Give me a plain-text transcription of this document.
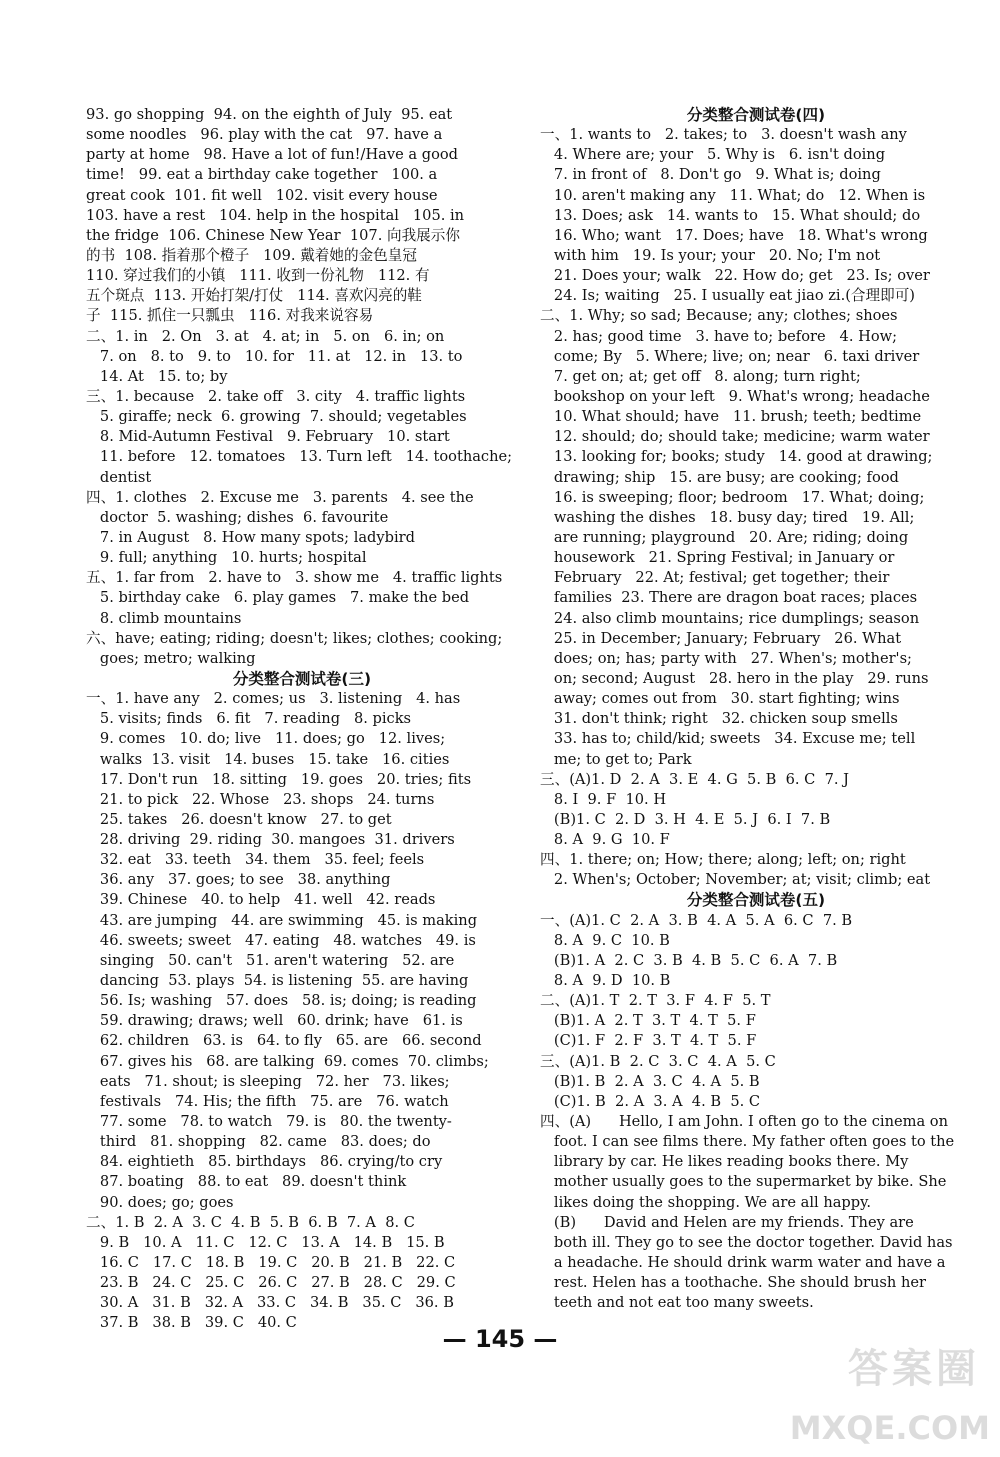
93. go shopping  94. on the eighth of July  95. eat
some noodles   96. play with the cat   97. have a
party at home   98. Have a lot of fun!/Have a good
time!   99. eat a birthday cake together   100. a
great cook  101. fit well   102. visit every house
103. have a rest   104. help in the hospital   105. in
the fridge  106. Chinese New Year  107. 向我展示你
的书  108. 指着那个橙子   109. 戴着她的金色皇冠
110. 穿过我们的小镇   111. 收到一份礼物   112. 有
五个斑点  113. 开始打架/打仗   114. 喜欢闪亮的鞋
子  115. 抓住一只瓢虫   116. 对我来说容易
二、1. in   2. On   3. at   4. at; in   5. on   6. in; on
7. on   8. to   9. to   10. for   11. at   12. in   13. to
14. At   15. to; by
三、1. because   2. take off   3. city   4. traffic lights
5. giraffe; neck  6. growing  7. should; vegetables
8. Mid-Autumn Festival   9. February   10. start
11. before   12. tomatoes   13. Turn left   14. toothache;
dentist
四、1. clothes   2. Excuse me   3. parents   4. see the
doctor  5. washing; dishes  6. favourite
7. in August   8. How many spots; ladybird
9. full; anything   10. hurts; hospital
五、1. far from   2. have to   3. show me   4. traffic lights
5. birthday cake   6. play games   7. make the bed
8. climb mountains
六、have; eating; riding; doesn't; likes; clothes; cooking;
goes; metro; walking
分类整合测试卷(三)
一、1. have any   2. comes; us   3. listening   4. has
5. visits; finds   6. fit   7. reading   8. picks
9. comes   10. do; live   11. does; go   12. lives;
walks  13. visit   14. buses   15. take   16. cities
17. Don't run   18. sitting   19. goes   20. tries; fits
21. to pick   22. Whose   23. shops   24. turns
25. takes   26. doesn't know   27. to get
28. driving  29. riding  30. mangoes  31. drivers
32. eat   33. teeth   34. them   35. feel; feels
36. any   37. goes; to see   38. anything
39. Chinese   40. to help   41. well   42. reads
43. are jumping   44. are swimming   45. is making
46. sweets; sweet   47. eating   48. watches   49. is
singing   50. can't   51. aren't watering   52. are
dancing  53. plays  54. is listening  55. are having
56. Is; washing   57. does   58. is; doing; is reading
59. drawing; draws; well   60. drink; have   61. is
62. children   63. is   64. to fly   65. are   66. second
67. gives his   68. are talking  69. comes  70. climbs;
eats   71. shout; is sleeping   72. her   73. likes;
festivals   74. His; the fifth   75. are   76. watch
77. some   78. to watch   79. is   80. the twenty-
third   81. shopping   82. came   83. does; do
84. eightieth   85. birthdays   86. crying/to cry
87. boating   88. to eat   89. doesn't think
90. does; go; goes
二、1. B  2. A  3. C  4. B  5. B  6. B  7. A  8. C
9. B   10. A   11. C   12. C   13. A   14. B   15. B
16. C   17. C   18. B   19. C   20. B   21. B   22. C
23. B   24. C   25. C   26. C   27. B   28. C   29. C
30. A   31. B   32. A   33. C   34. B   35. C   36. B
37. B   38. B   39. C   40. C
分类整合测试卷(四)
一、1. wants to   2. takes; to   3. doesn't wash any
4. Where are; your   5. Why is   6. isn't doing
7. in front of   8. Don't go   9. What is; doing
10. aren't making any   11. What; do   12. When is
13. Does; ask   14. wants to   15. What should; do
16. Who; want   17. Does; have   18. What's wrong
with him   19. Is your; your   20. No; I'm not
21. Does your; walk   22. How do; get   23. Is; over
24. Is; waiting   25. I usually eat jiao zi.(合理即可)
二、1. Why; so sad; Because; any; clothes; shoes
2. has; good time   3. have to; before   4. How;
come; By   5. Where; live; on; near   6. taxi driver
7. get on; at; get off   8. along; turn right;
bookshop on your left   9. What's wrong; headache
10. What should; have   11. brush; teeth; bedtime
12. should; do; should take; medicine; warm water
13. looking for; books; study   14. good at drawing;
drawing; ship   15. are busy; are cooking; food
16. is sweeping; floor; bedroom   17. What; doing;
washing the dishes   18. busy day; tired   19. All;
are running; playground   20. Are; riding; doing
housework   21. Spring Festival; in January or
February   22. At; festival; get together; their
families  23. There are dragon boat races; places
24. also climb mountains; rice dumplings; season
25. in December; January; February   26. What
does; on; has; party with   27. When's; mother's;
on; second; August   28. hero in the play   29. runs
away; comes out from   30. start fighting; wins
31. don't think; right   32. chicken soup smells
33. has to; child/kid; sweets   34. Excuse me; tell
me; to get to; Park
三、(A)1. D  2. A  3. E  4. G  5. B  6. C  7. J
8. I  9. F  10. H
(B)1. C  2. D  3. H  4. E  5. J  6. I  7. B
8. A  9. G  10. F
四、1. there; on; How; there; along; left; on; right
2. When's; October; November; at; visit; climb; eat
分类整合测试卷(五)
一、(A)1. C  2. A  3. B  4. A  5. A  6. C  7. B
8. A  9. C  10. B
(B)1. A  2. C  3. B  4. B  5. C  6. A  7. B
8. A  9. D  10. B
二、(A)1. T  2. T  3. F  4. F  5. T
(B)1. A  2. T  3. T  4. T  5. F
(C)1. F  2. F  3. T  4. T  5. F
三、(A)1. B  2. C  3. C  4. A  5. C
(B)1. B  2. A  3. C  4. A  5. B
(C)1. B  2. A  3. A  4. B  5. C
四、(A)      Hello, I am John. I often go to the cinema on
foot. I can see films there. My father often goes to the
library by car. He likes reading books there. My
mother usually goes to the supermarket by bike. She
likes doing the shopping. We are all happy.
(B)      David and Helen are my friends. They are
both ill. They go to see the doctor together. David has
a headache. He should drink warm water and have a
rest. Helen has a toothache. She should brush her
teeth and not eat too many sweets.
— 145 —
答案圈
MXQE.COM
